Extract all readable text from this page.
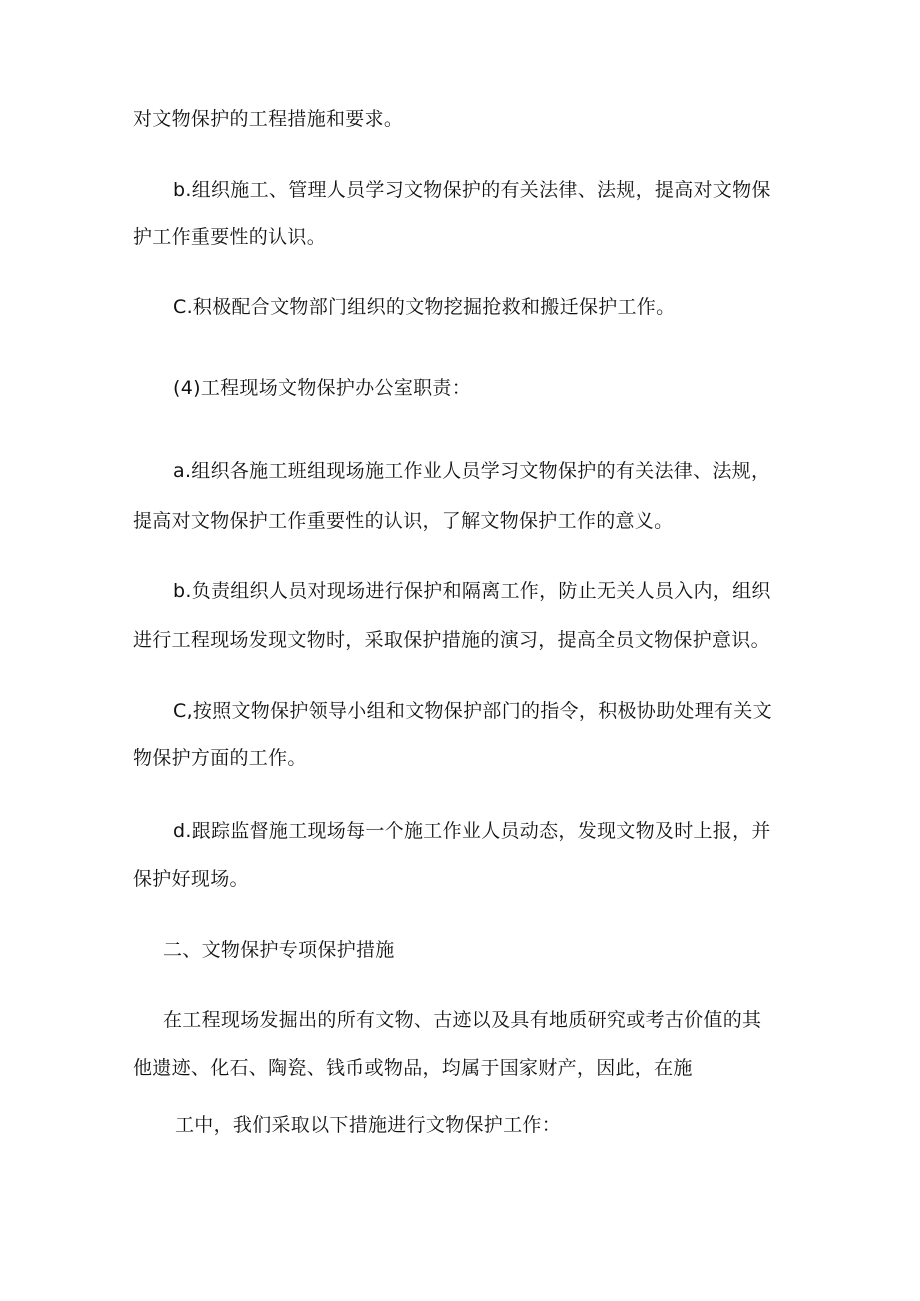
对文物保护的工程措施和要求。

b.组织施工、管理人员学习文物保护的有关法律、法规，提高对文物保

护工作重要性的认识。

C.积极配合文物部门组织的文物挖掘抢救和搬迁保护工作。

(4)工程现场文物保护办公室职责：

a.组织各施工班组现场施工作业人员学习文物保护的有关法律、法规，

提高对文物保护工作重要性的认识，了解文物保护工作的意义。

b.负责组织人员对现场进行保护和隔离工作，防止无关人员入内，组织

进行工程现场发现文物时，采取保护措施的演习，提高全员文物保护意识。

C,按照文物保护领导小组和文物保护部门的指令，积极协助处理有关文

物保护方面的工作。

d.跟踪监督施工现场每一个施工作业人员动态，发现文物及时上报，并

保护好现场。

二、文物保护专项保护措施

在工程现场发掘出的所有文物、古迹以及具有地质研究或考古价值的其

他遗迹、化石、陶瓷、钱币或物品，均属于国家财产，因此，在施

工中，我们采取以下措施进行文物保护工作：
